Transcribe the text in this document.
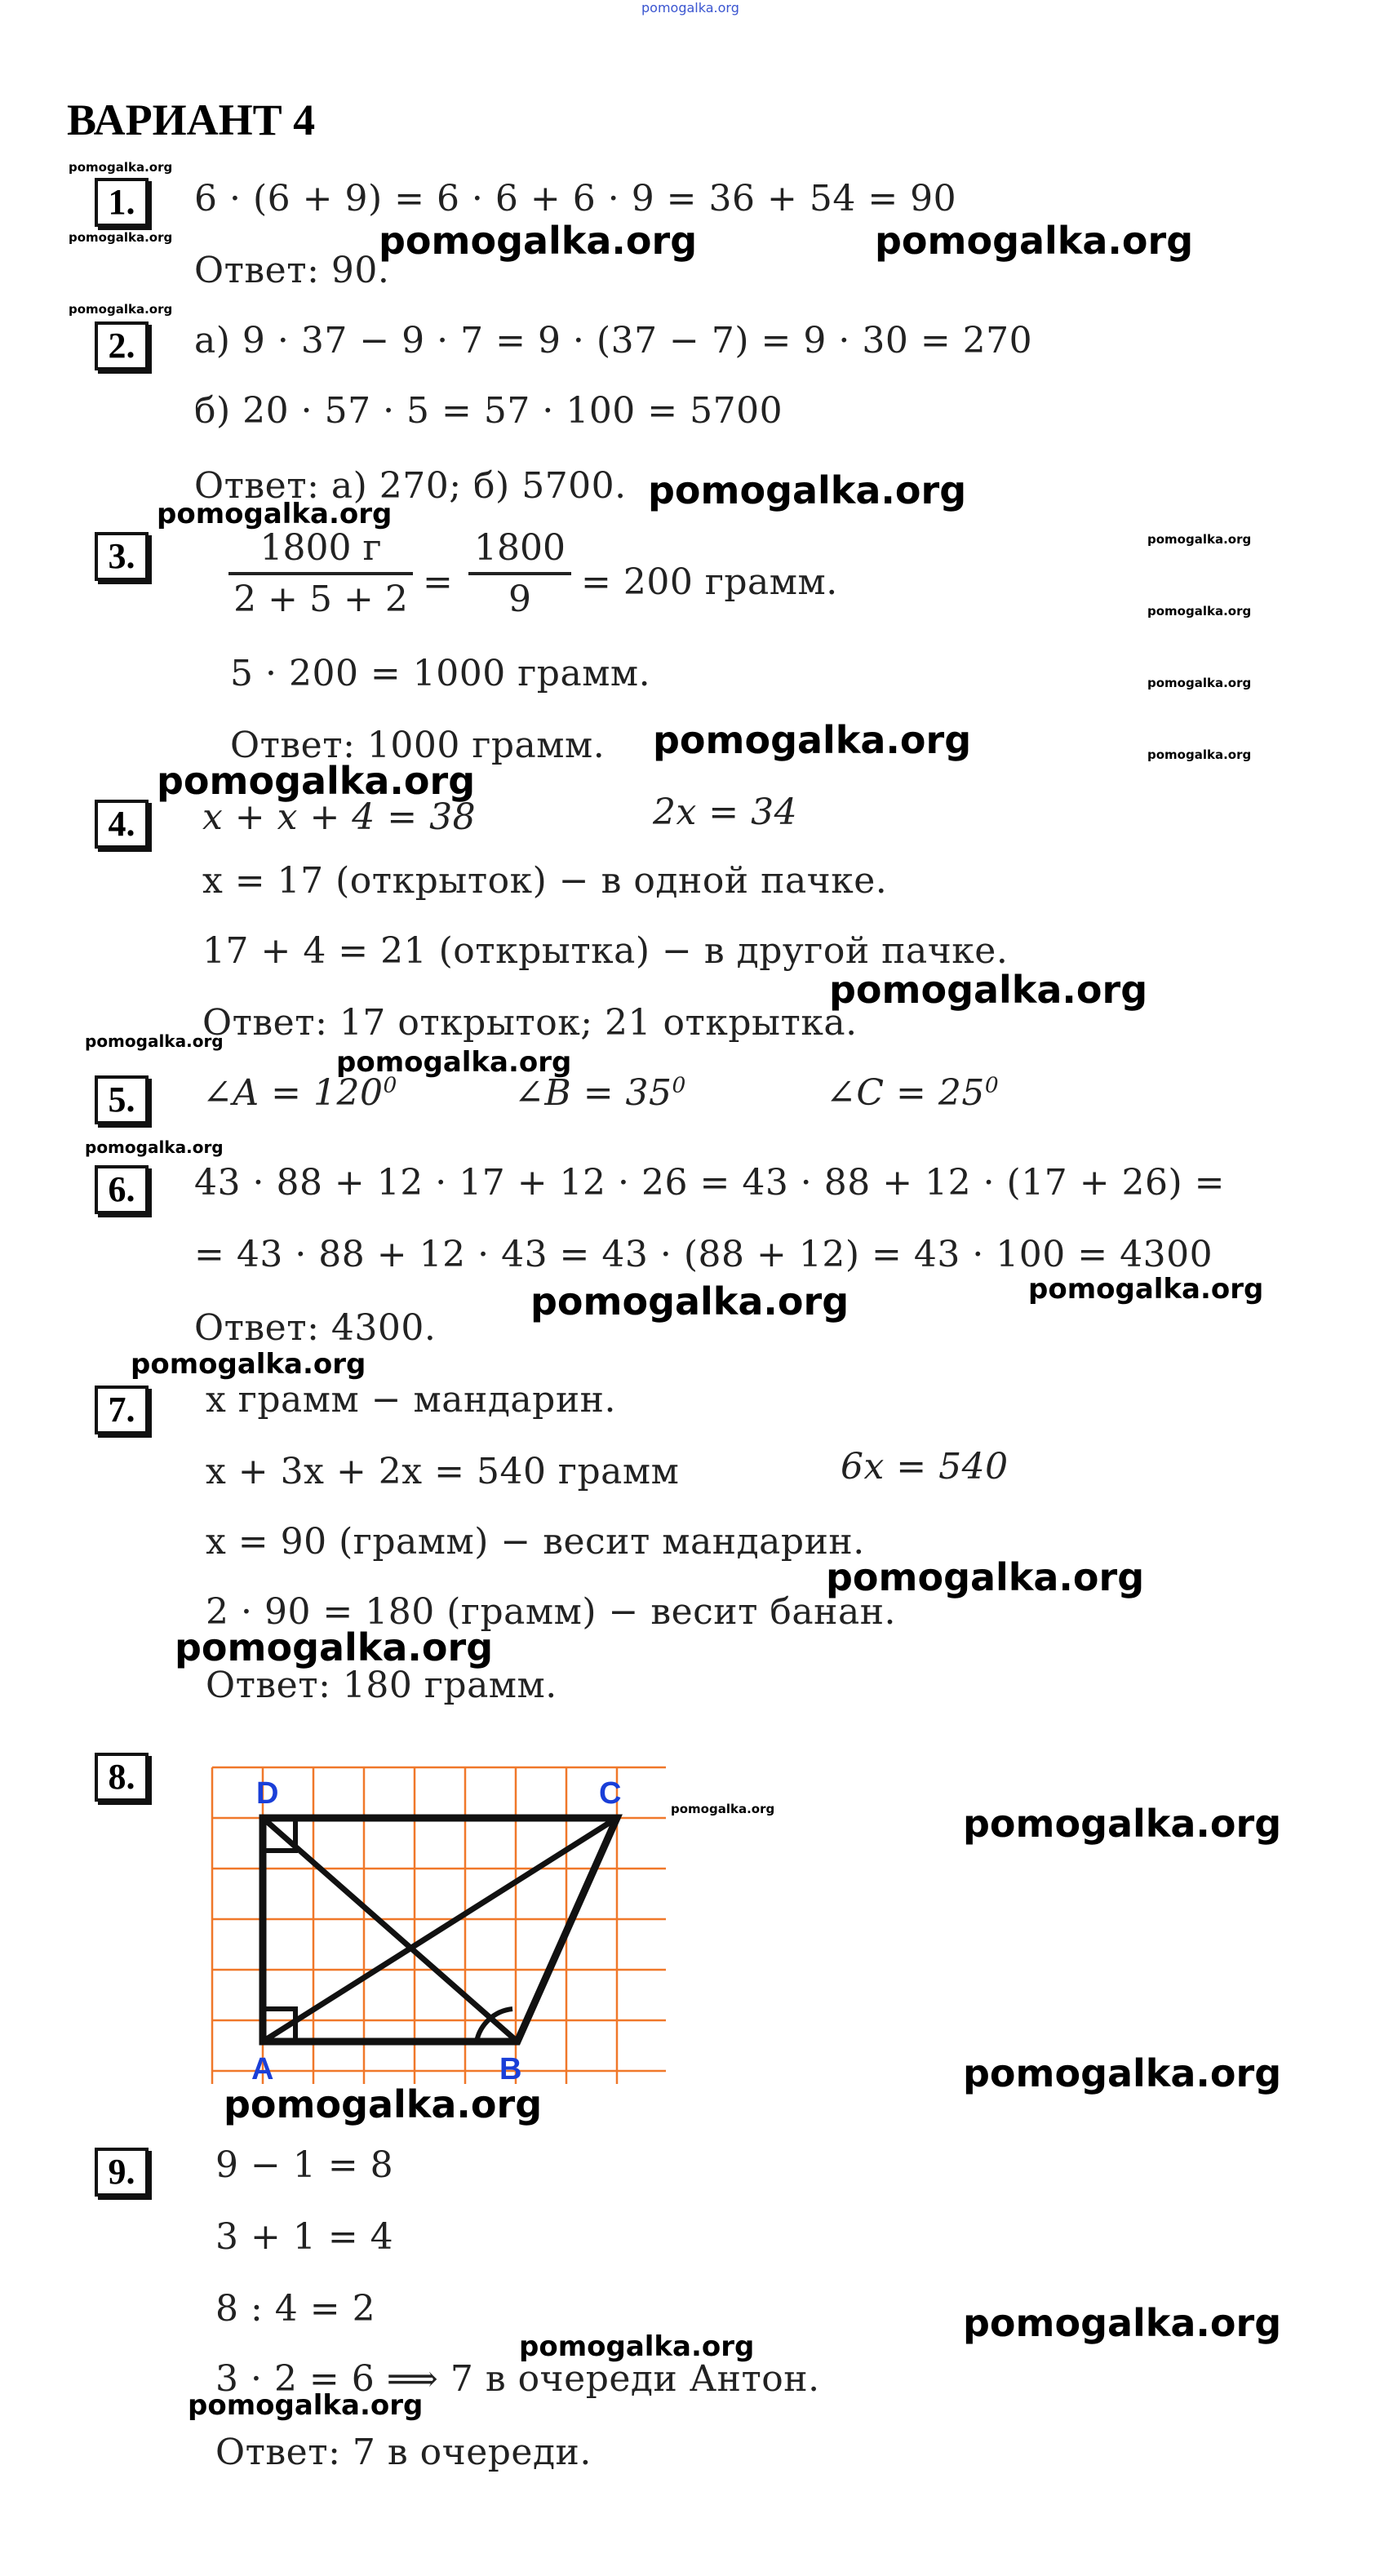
pomogalka.org
ВАРИАНТ 4
1.	6 · (6 + 9) = 6 · 6 + 6 · 9 = 36 + 54 = 90
Ответ: 90.
2.	а) 9 · 37 − 9 · 7 = 9 · (37 − 7) = 9 · 30 = 270
б) 20 · 57 · 5 = 57 · 100 = 5700
Ответ: а) 270; б) 5700.
3.	1800 г
2 + 5 + 2 =
1800
9	= 200 грамм.
5 · 200 = 1000 грамм.
Ответ: 1000 грамм.
4.	x + x + 4 = 38	2x = 34
x = 17 (открыток) − в одной пачке.
17 + 4 = 21 (открытка) − в другой пачке.
Ответ: 17 открыток; 21 открытка.
5.	∠A = $120^0$	∠B = $35^0$	∠C = $25^0$
6.	43 · 88 + 12 · 17 + 12 · 26 = 43 · 88 + 12 · (17 + 26) =
= 43 · 88 + 12 · 43 = 43 · (88 + 12) = 43 · 100 = 4300
Ответ: 4300.
7.	x грамм − мандарин.
x + 3x + 2x = 540 грамм	6x = 540
x = 90 (грамм) − весит мандарин.
2 · 90 = 180 (грамм) − весит банан.
Ответ: 180 грамм.
8.	D	C
A	B
9.	9 − 1 = 8
3 + 1 = 4
8 : 4 = 2
3 · 2 = 6 ⟹ 7 в очереди Антон.
Ответ: 7 в очереди.
pomogalka.org
pomogalka.org
pomogalka.org
pomogalka.org
pomogalka.org
pomogalka.org
pomogalka.org
pomogalka.org
pomogalka.org
pomogalka.org
pomogalka.org
pomogalka.org
pomogalka.org
pomogalka.org
pomogalka.org
pomogalka.org
pomogalka.org	pomogalka.org
pomogalka.org
pomogalka.org
pomogalka.org
pomogalka.org
pomogalka.org
pomogalka.org
pomogalka.org
pomogalka.org
pomogalka.org
pomogalka.org
pomogalka.org
